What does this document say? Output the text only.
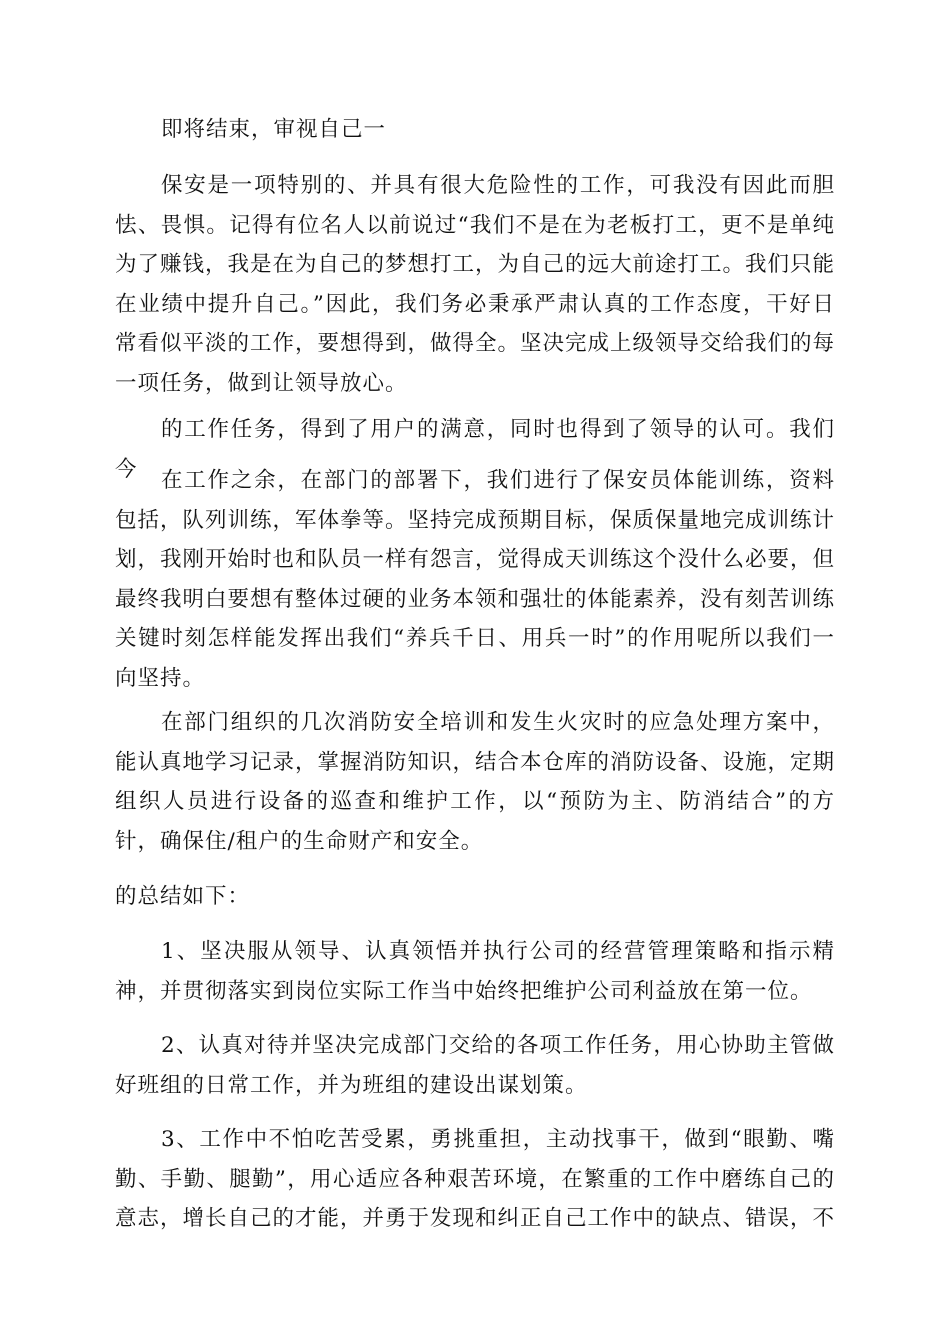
即将结束，审视自己一

保安是一项特别的、并具有很大危险性的工作，可我没有因此而胆怯、畏惧。记得有位名人以前说过“我们不是在为老板打工，更不是单纯为了赚钱，我是在为自己的梦想打工，为自己的远大前途打工。我们只能在业绩中提升自己。”因此，我们务必秉承严肃认真的工作态度，干好日常看似平淡的工作，要想得到，做得全。坚决完成上级领导交给我们的每一项任务，做到让领导放心。

的工作任务，得到了用户的满意，同时也得到了领导的认可。我们今	在工作之余，在部门的部署下，我们进行了保安员体能训练，资料包括，队列训练，军体拳等。坚持完成预期目标，保质保量地完成训练计划，我刚开始时也和队员一样有怨言，觉得成天训练这个没什么必要，但最终我明白要想有整体过硬的业务本领和强壮的体能素养，没有刻苦训练关键时刻怎样能发挥出我们“养兵千日、用兵一时”的作用呢所以我们一向坚持。

在部门组织的几次消防安全培训和发生火灾时的应急处理方案中，能认真地学习记录，掌握消防知识，结合本仓库的消防设备、设施，定期组织人员进行设备的巡查和维护工作，以“预防为主、防消结合”的方针，确保住/租户的生命财产和安全。

的总结如下：

1、坚决服从领导、认真领悟并执行公司的经营管理策略和指示精神，并贯彻落实到岗位实际工作当中始终把维护公司利益放在第一位。

2、认真对待并坚决完成部门交给的各项工作任务，用心协助主管做好班组的日常工作，并为班组的建设出谋划策。

3、工作中不怕吃苦受累，勇挑重担，主动找事干，做到“眼勤、嘴勤、手勤、腿勤”，用心适应各种艰苦环境，在繁重的工作中磨练自己的意志，增长自己的才能，并勇于发现和纠正自己工作中的缺点、错误，不
